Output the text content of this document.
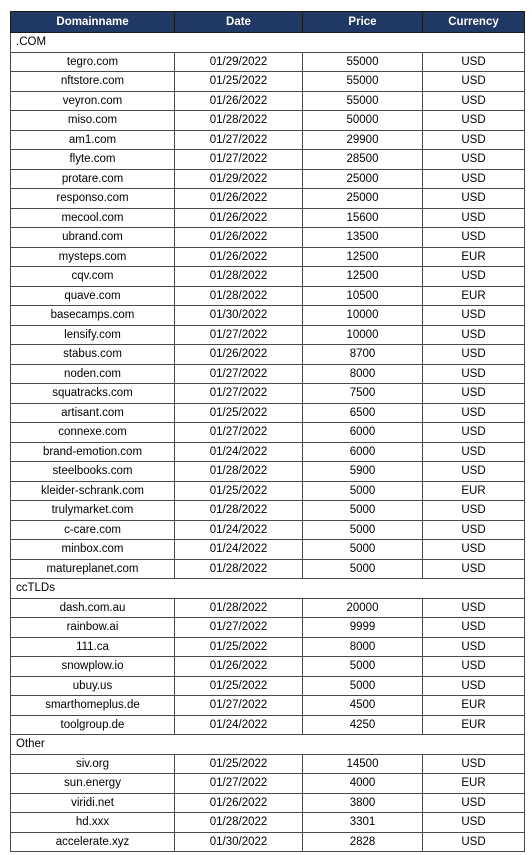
Domainname	Date	Price	Currency
.COM			
tegro.com	01/29/2022	55000	USD
nftstore.com	01/25/2022	55000	USD
veyron.com	01/26/2022	55000	USD
miso.com	01/28/2022	50000	USD
am1.com	01/27/2022	29900	USD
flyte.com	01/27/2022	28500	USD
protare.com	01/29/2022	25000	USD
responso.com	01/26/2022	25000	USD
mecool.com	01/26/2022	15600	USD
ubrand.com	01/26/2022	13500	USD
mysteps.com	01/26/2022	12500	EUR
cqv.com	01/28/2022	12500	USD
quave.com	01/28/2022	10500	EUR
basecamps.com	01/30/2022	10000	USD
lensify.com	01/27/2022	10000	USD
stabus.com	01/26/2022	8700	USD
noden.com	01/27/2022	8000	USD
squatracks.com	01/27/2022	7500	USD
artisant.com	01/25/2022	6500	USD
connexe.com	01/27/2022	6000	USD
brand-emotion.com	01/24/2022	6000	USD
steelbooks.com	01/28/2022	5900	USD
kleider-schrank.com	01/25/2022	5000	EUR
trulymarket.com	01/28/2022	5000	USD
c-care.com	01/24/2022	5000	USD
minbox.com	01/24/2022	5000	USD
matureplanet.com	01/28/2022	5000	USD
ccTLDs			
dash.com.au	01/28/2022	20000	USD
rainbow.ai	01/27/2022	9999	USD
111.ca	01/25/2022	8000	USD
snowplow.io	01/26/2022	5000	USD
ubuy.us	01/25/2022	5000	USD
smarthomeplus.de	01/27/2022	4500	EUR
toolgroup.de	01/24/2022	4250	EUR
Other			
siv.org	01/25/2022	14500	USD
sun.energy	01/27/2022	4000	EUR
viridi.net	01/26/2022	3800	USD
hd.xxx	01/28/2022	3301	USD
accelerate.xyz	01/30/2022	2828	USD
